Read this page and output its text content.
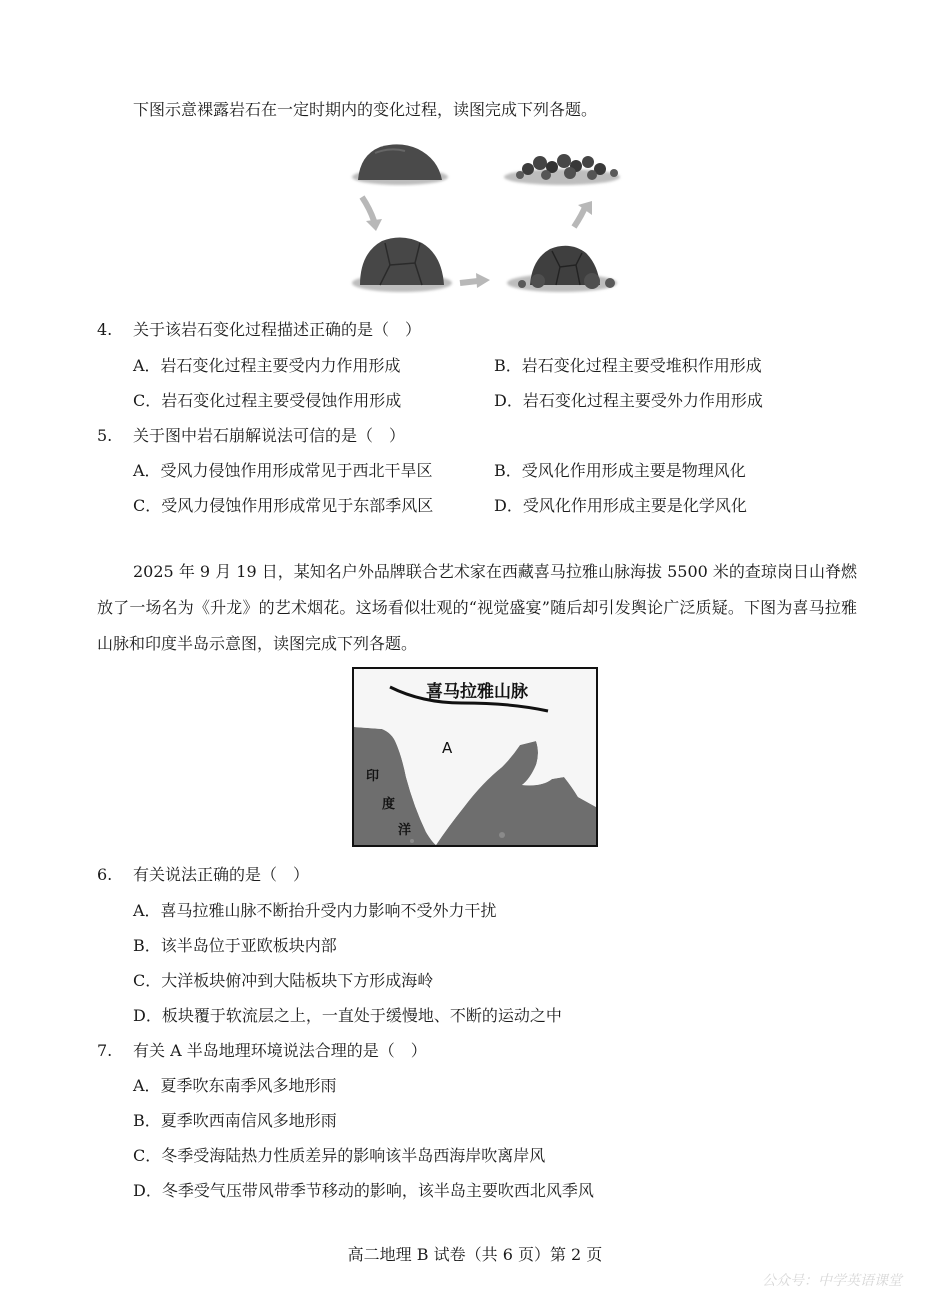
下图示意裸露岩石在一定时期内的变化过程，读图完成下列各题。
4. 关于该岩石变化过程描述正确的是（　）
A．岩石变化过程主要受内力作用形成	B．岩石变化过程主要受堆积作用形成
C．岩石变化过程主要受侵蚀作用形成	D．岩石变化过程主要受外力作用形成
5. 关于图中岩石崩解说法可信的是（　）
A．受风力侵蚀作用形成常见于西北干旱区	B．受风化作用形成主要是物理风化
C．受风力侵蚀作用形成常见于东部季风区	D．受风化作用形成主要是化学风化
2025 年 9 月 19 日，某知名户外品牌联合艺术家在西藏喜马拉雅山脉海拔 5500 米的查琼岗日山脊燃放了一场名为《升龙》的艺术烟花。这场看似壮观的“视觉盛宴”随后却引发舆论广泛质疑。下图为喜马拉雅山脉和印度半岛示意图，读图完成下列各题。
喜马拉雅山脉
A
印
度
洋
6. 有关说法正确的是（　）
A．喜马拉雅山脉不断抬升受内力影响不受外力干扰
B．该半岛位于亚欧板块内部
C．大洋板块俯冲到大陆板块下方形成海岭
D．板块覆于软流层之上，一直处于缓慢地、不断的运动之中
7. 有关 A 半岛地理环境说法合理的是（　）
A．夏季吹东南季风多地形雨
B．夏季吹西南信风多地形雨
C．冬季受海陆热力性质差异的影响该半岛西海岸吹离岸风
D．冬季受气压带风带季节移动的影响，该半岛主要吹西北风季风
高二地理 B 试卷（共 6 页）第 2 页
公众号：中学英语课堂
